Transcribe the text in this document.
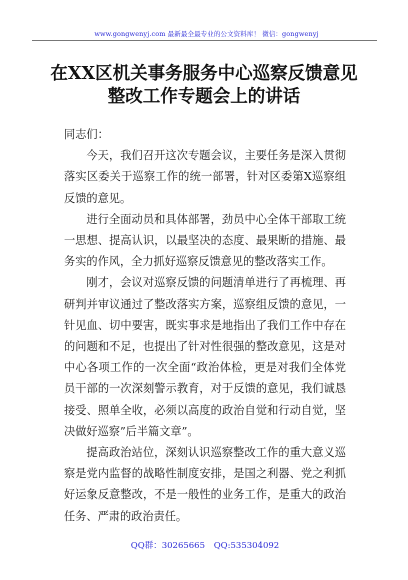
www.gongwenyj.com 最新最全最专业的公文资料库！ 微信：gongwenyj
在XX区机关事务服务中心巡察反馈意见
整改工作专题会上的讲话

同志们：

今天，我们召开这次专题会议，主要任务是深入贯彻落实区委关于巡察工作的统一部署，针对区委第X巡察组反馈的意见。

进行全面动员和具体部署，劲员中心全体干部取工统一思想、提高认识，以最坚决的态度、最果断的措施、最务实的作风，全力抓好巡察反馈意见的整改落实工作。

刚才，会议对巡察反馈的问题清单进行了再梳理、再研判并审议通过了整改落实方案，巡察组反馈的意见，一针见血、切中要害，既实事求是地指出了我们工作中存在的问题和不足，也提出了针对性很强的整改意见，这是对中心各项工作的一次全面“政治体检，更是对我们全体党员干部的一次深刻警示教育，对于反馈的意见，我们诚恳接受、照单全收，必须以高度的政治自觉和行动自觉，坚决做好巡察”后半篇文章”。

提高政治站位，深刻认识巡察整改工作的重大意义巡察是党内监督的战略性制度安排，是国之利器、党之利抓好运象反意整改，不是一般性的业务工作，是重大的政治任务、严肃的政治责任。

QQ群：30265665 QQ:535304092
